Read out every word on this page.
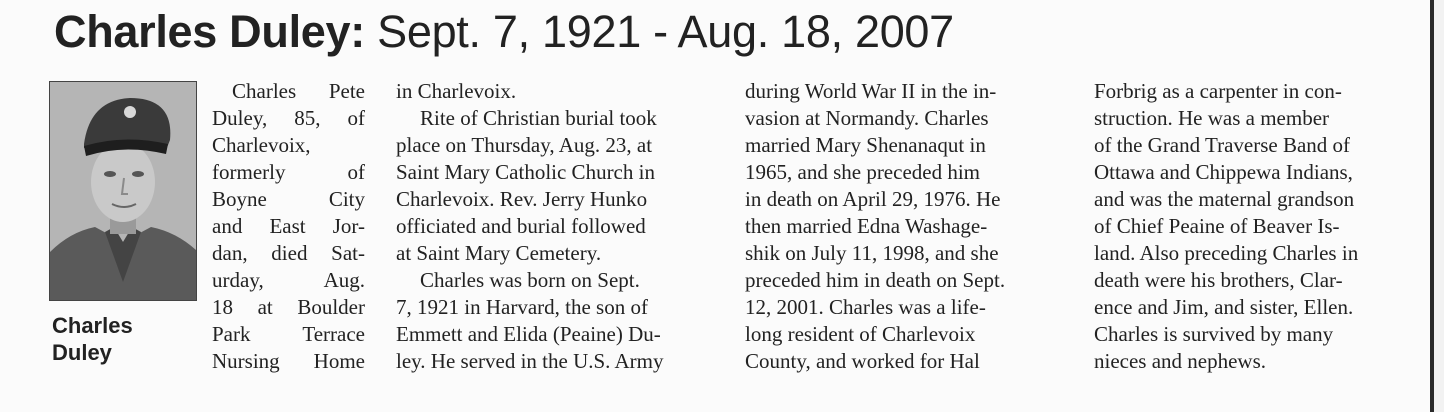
Charles Duley: Sept. 7, 1921 - Aug. 18, 2007
Charles
Duley
Charles Pete
Duley, 85, of
Charlevoix,
formerly	of
Boyne	City
and East Jor-
dan, died Sat-
urday,	Aug.
18 at Boulder
Park Terrace
Nursing Home
in Charlevoix.
Rite of Christian burial took
place on Thursday, Aug. 23, at
Saint Mary Catholic Church in
Charlevoix. Rev. Jerry Hunko
officiated and burial followed
at Saint Mary Cemetery.
Charles was born on Sept.
7, 1921 in Harvard, the son of
Emmett and Elida (Peaine) Du-
ley. He served in the U.S. Army
during World War II in the in-
vasion at Normandy. Charles
married Mary Shenanaqut in
1965, and she preceded him
in death on April 29, 1976. He
then married Edna Washage-
shik on July 11, 1998, and she
preceded him in death on Sept.
12, 2001. Charles was a life-
long resident of Charlevoix
County, and worked for Hal
Forbrig as a carpenter in con-
struction. He was a member
of the Grand Traverse Band of
Ottawa and Chippewa Indians,
and was the maternal grandson
of Chief Peaine of Beaver Is-
land. Also preceding Charles in
death were his brothers, Clar-
ence and Jim, and sister, Ellen.
Charles is survived by many
nieces and nephews.
